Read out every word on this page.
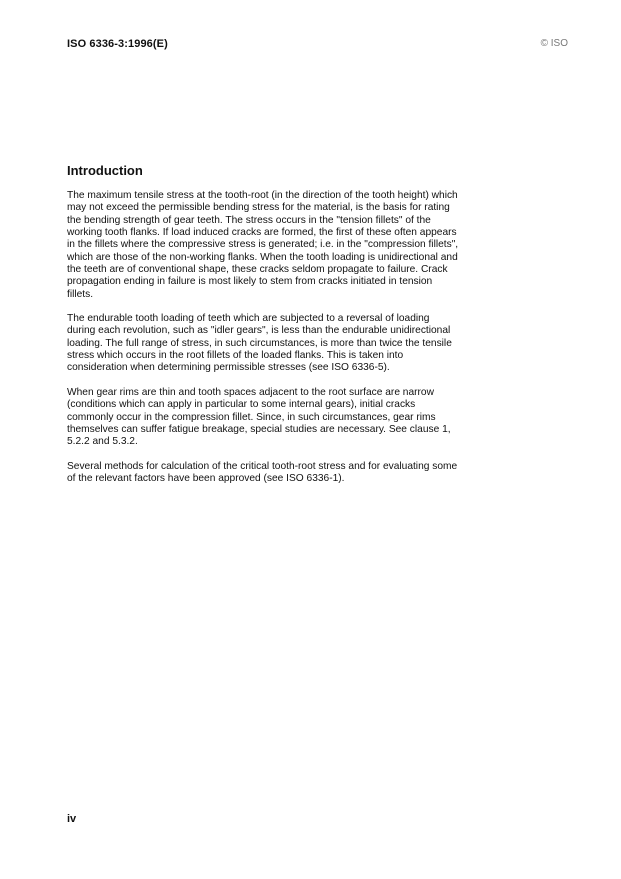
ISO 6336-3:1996(E)	© ISO
Introduction

The maximum tensile stress at the tooth-root (in the direction of the tooth height) which may not exceed the permissible bending stress for the material, is the basis for rating the bending strength of gear teeth. The stress occurs in the "tension fillets" of the working tooth flanks. If load induced cracks are formed, the first of these often appears in the fillets where the compressive stress is generated; i.e. in the "compression fillets", which are those of the non-working flanks. When the tooth loading is unidirectional and the teeth are of conventional shape, these cracks seldom propagate to failure. Crack propagation ending in failure is most likely to stem from cracks initiated in tension fillets.

The endurable tooth loading of teeth which are subjected to a reversal of loading during each revolution, such as "idler gears", is less than the endurable unidirectional loading. The full range of stress, in such circumstances, is more than twice the tensile stress which occurs in the root fillets of the loaded flanks. This is taken into consideration when determining permissible stresses (see ISO 6336-5).

When gear rims are thin and tooth spaces adjacent to the root surface are narrow (conditions which can apply in particular to some internal gears), initial cracks commonly occur in the compression fillet. Since, in such circumstances, gear rims themselves can suffer fatigue breakage, special studies are necessary. See clause 1, 5.2.2 and 5.3.2.

Several methods for calculation of the critical tooth-root stress and for evaluating some of the relevant factors have been approved (see ISO 6336-1).

iv
